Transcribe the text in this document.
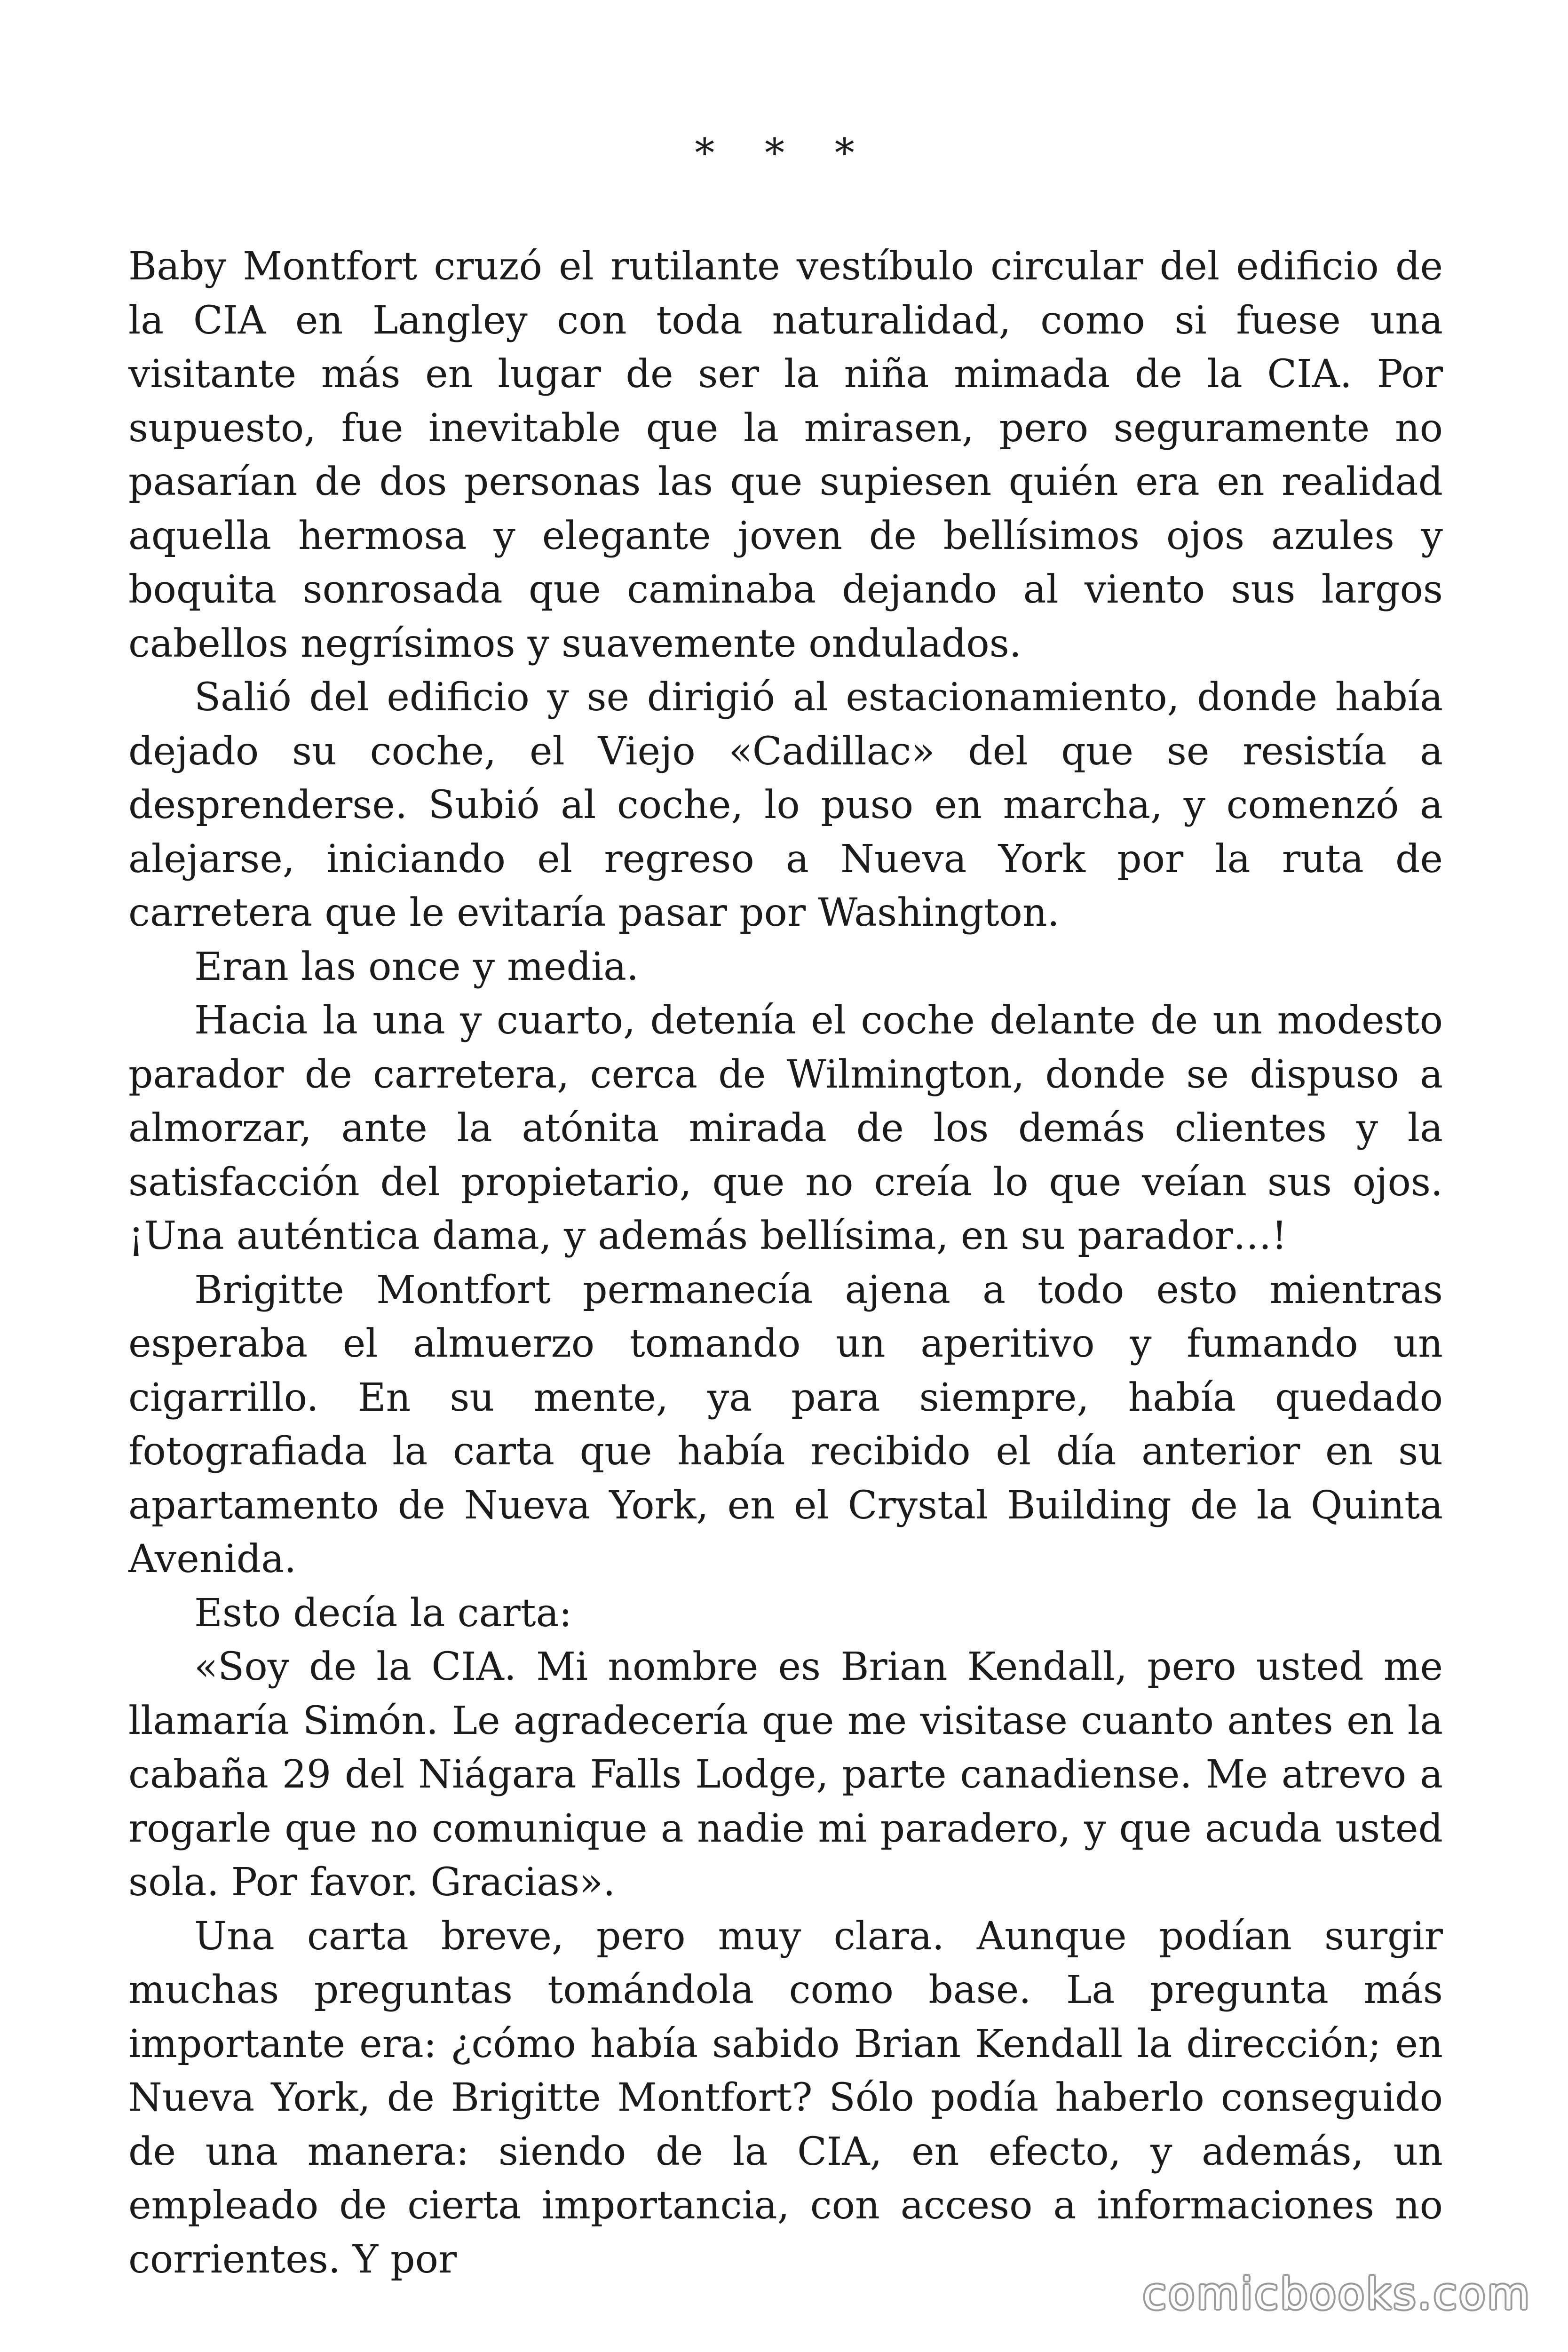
* * *

Baby Montfort cruzó el rutilante vestíbulo circular del edificio de la CIA en Langley con toda naturalidad, como si fuese una visitante más en lugar de ser la niña mimada de la CIA. Por supuesto, fue inevitable que la mirasen, pero seguramente no pasarían de dos personas las que supiesen quién era en realidad aquella hermosa y elegante joven de bellísimos ojos azules y boquita sonrosada que caminaba dejando al viento sus largos cabellos negrísimos y suavemente ondulados.

Salió del edificio y se dirigió al estacionamiento, donde había dejado su coche, el Viejo «Cadillac» del que se resistía a desprenderse. Subió al coche, lo puso en marcha, y comenzó a alejarse, iniciando el regreso a Nueva York por la ruta de carretera que le evitaría pasar por Washington.

Eran las once y media.

Hacia la una y cuarto, detenía el coche delante de un modesto parador de carretera, cerca de Wilmington, donde se dispuso a almorzar, ante la atónita mirada de los demás clientes y la satisfacción del propietario, que no creía lo que veían sus ojos. ¡Una auténtica dama, y además bellísima, en su parador…!

Brigitte Montfort permanecía ajena a todo esto mientras esperaba el almuerzo tomando un aperitivo y fumando un cigarrillo. En su mente, ya para siempre, había quedado fotografiada la carta que había recibido el día anterior en su apartamento de Nueva York, en el Crystal Building de la Quinta Avenida.

Esto decía la carta:

«Soy de la CIA. Mi nombre es Brian Kendall, pero usted me llamaría Simón. Le agradecería que me visitase cuanto antes en la cabaña 29 del Niágara Falls Lodge, parte canadiense. Me atrevo a rogarle que no comunique a nadie mi paradero, y que acuda usted sola. Por favor. Gracias».

Una carta breve, pero muy clara. Aunque podían surgir muchas preguntas tomándola como base. La pregunta más importante era: ¿cómo había sabido Brian Kendall la dirección; en Nueva York, de Brigitte Montfort? Sólo podía haberlo conseguido de una manera: siendo de la CIA, en efecto, y además, un empleado de cierta importancia, con acceso a informaciones no corrientes. Y por

comicbooks.com
